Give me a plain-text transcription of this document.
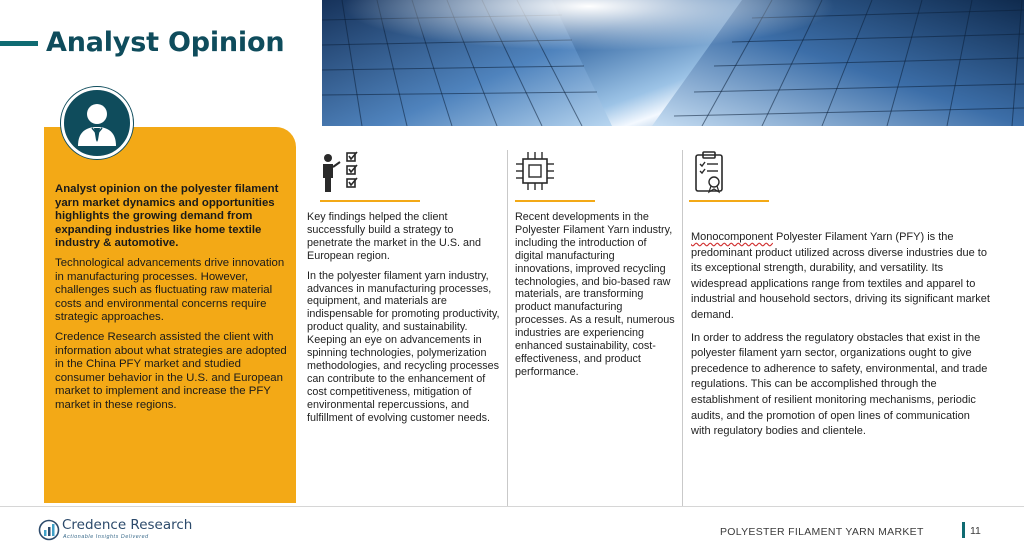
Analyst Opinion

Analyst opinion on the polyester filament yarn market dynamics and opportunities highlights the growing demand from expanding industries like home textile industry & automotive.

Technological advancements drive innovation in manufacturing processes. However, challenges such as fluctuating raw material costs and environmental concerns require strategic approaches.

Credence Research assisted the client with information about what strategies are adopted in the China PFY market and studied consumer behavior in the U.S. and European market to implement and increase the PFY market in these regions.

Key findings helped the client successfully build a strategy to penetrate the market in the U.S. and European region.

In the polyester filament yarn industry, advances in manufacturing processes, equipment, and materials are indispensable for promoting productivity, product quality, and sustainability. Keeping an eye on advancements in spinning technologies, polymerization methodologies, and recycling processes can contribute to the enhancement of cost competitiveness, mitigation of environmental repercussions, and fulfillment of evolving customer needs.

Recent developments in the Polyester Filament Yarn industry, including the introduction of digital manufacturing innovations, improved recycling technologies, and bio-based raw materials, are transforming product manufacturing processes. As a result, numerous industries are experiencing enhanced sustainability, cost-effectiveness, and product performance.

Monocomponent Polyester Filament Yarn (PFY) is the predominant product utilized across diverse industries due to its exceptional strength, durability, and versatility. Its widespread applications range from textiles and apparel to industrial and household sectors, driving its significant market demand.

In order to address the regulatory obstacles that exist in the polyester filament yarn sector, organizations ought to give precedence to adherence to safety, environmental, and trade regulations. This can be accomplished through the establishment of resilient monitoring mechanisms, periodic audits, and the promotion of open lines of communication with regulatory bodies and clientele.

Credence Research
Actionable Insights Delivered	POLYESTER FILAMENT YARN MARKET	11
